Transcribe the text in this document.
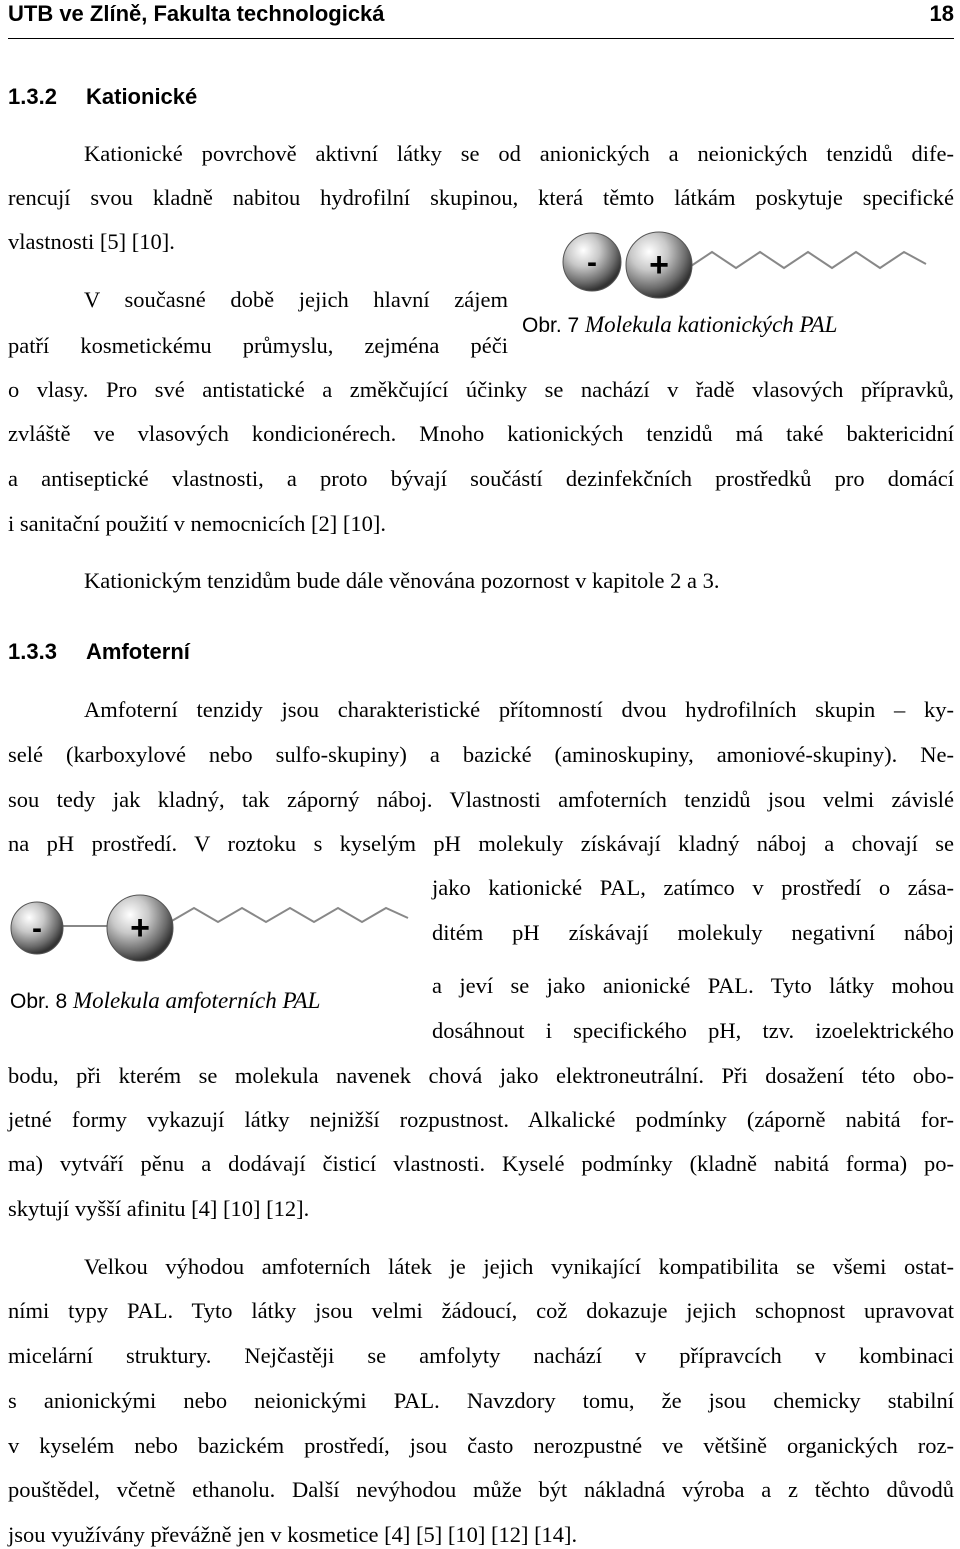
UTB ve Zlíně, Fakulta technologická	18
1.3.2 Kationické
Kationické povrchově aktivní látky se od anionických a neionických tenzidů dife-
rencují svou kladně nabitou hydrofilní skupinou, která těmto látkám poskytuje specifické
vlastnosti [5] [10].
V současné době jejich hlavní zájem
patří kosmetickému průmyslu, zejména péči
o vlasy. Pro své antistatické a změkčující účinky se nachází v řadě vlasových přípravků,
zvláště ve vlasových kondicionérech. Mnoho kationických tenzidů má také baktericidní
a antiseptické vlastnosti, a proto bývají součástí dezinfekčních prostředků pro domácí
i sanitační použití v nemocnicích [2] [10].
Kationickým tenzidům bude dále věnována pozornost v kapitole 2 a 3.
- +
Obr. 7 Molekula kationických PAL
1.3.3 Amfoterní
Amfoterní tenzidy jsou charakteristické přítomností dvou hydrofilních skupin – ky-
selé (karboxylové nebo sulfo-skupiny) a bazické (aminoskupiny, amoniové-skupiny). Ne-
sou tedy jak kladný, tak záporný náboj. Vlastnosti amfoterních tenzidů jsou velmi závislé
na pH prostředí. V roztoku s kyselým pH molekuly získávají kladný náboj a chovají se
jako kationické PAL, zatímco v prostředí o zása-
ditém pH získávají molekuly negativní náboj
a jeví se jako anionické PAL. Tyto látky mohou
dosáhnout i specifického pH, tzv. izoelektrického
bodu, při kterém se molekula navenek chová jako elektroneutrální. Při dosažení této obo-
jetné formy vykazují látky nejnižší rozpustnost. Alkalické podmínky (záporně nabitá for-
ma) vytváří pěnu a dodávají čisticí vlastnosti. Kyselé podmínky (kladně nabitá forma) po-
skytují vyšší afinitu [4] [10] [12].
Velkou výhodou amfoterních látek je jejich vynikající kompatibilita se všemi ostat-
ními typy PAL. Tyto látky jsou velmi žádoucí, což dokazuje jejich schopnost upravovat
micelární struktury. Nejčastěji se amfolyty nachází v přípravcích v kombinaci
s anionickými nebo neionickými PAL. Navzdory tomu, že jsou chemicky stabilní
v kyselém nebo bazickém prostředí, jsou často nerozpustné ve většině organických roz-
pouštědel, včetně ethanolu. Další nevýhodou může být nákladná výroba a z těchto důvodů
jsou využívány převážně jen v kosmetice [4] [5] [10] [12] [14].
-	+
Obr. 8 Molekula amfoterních PAL
